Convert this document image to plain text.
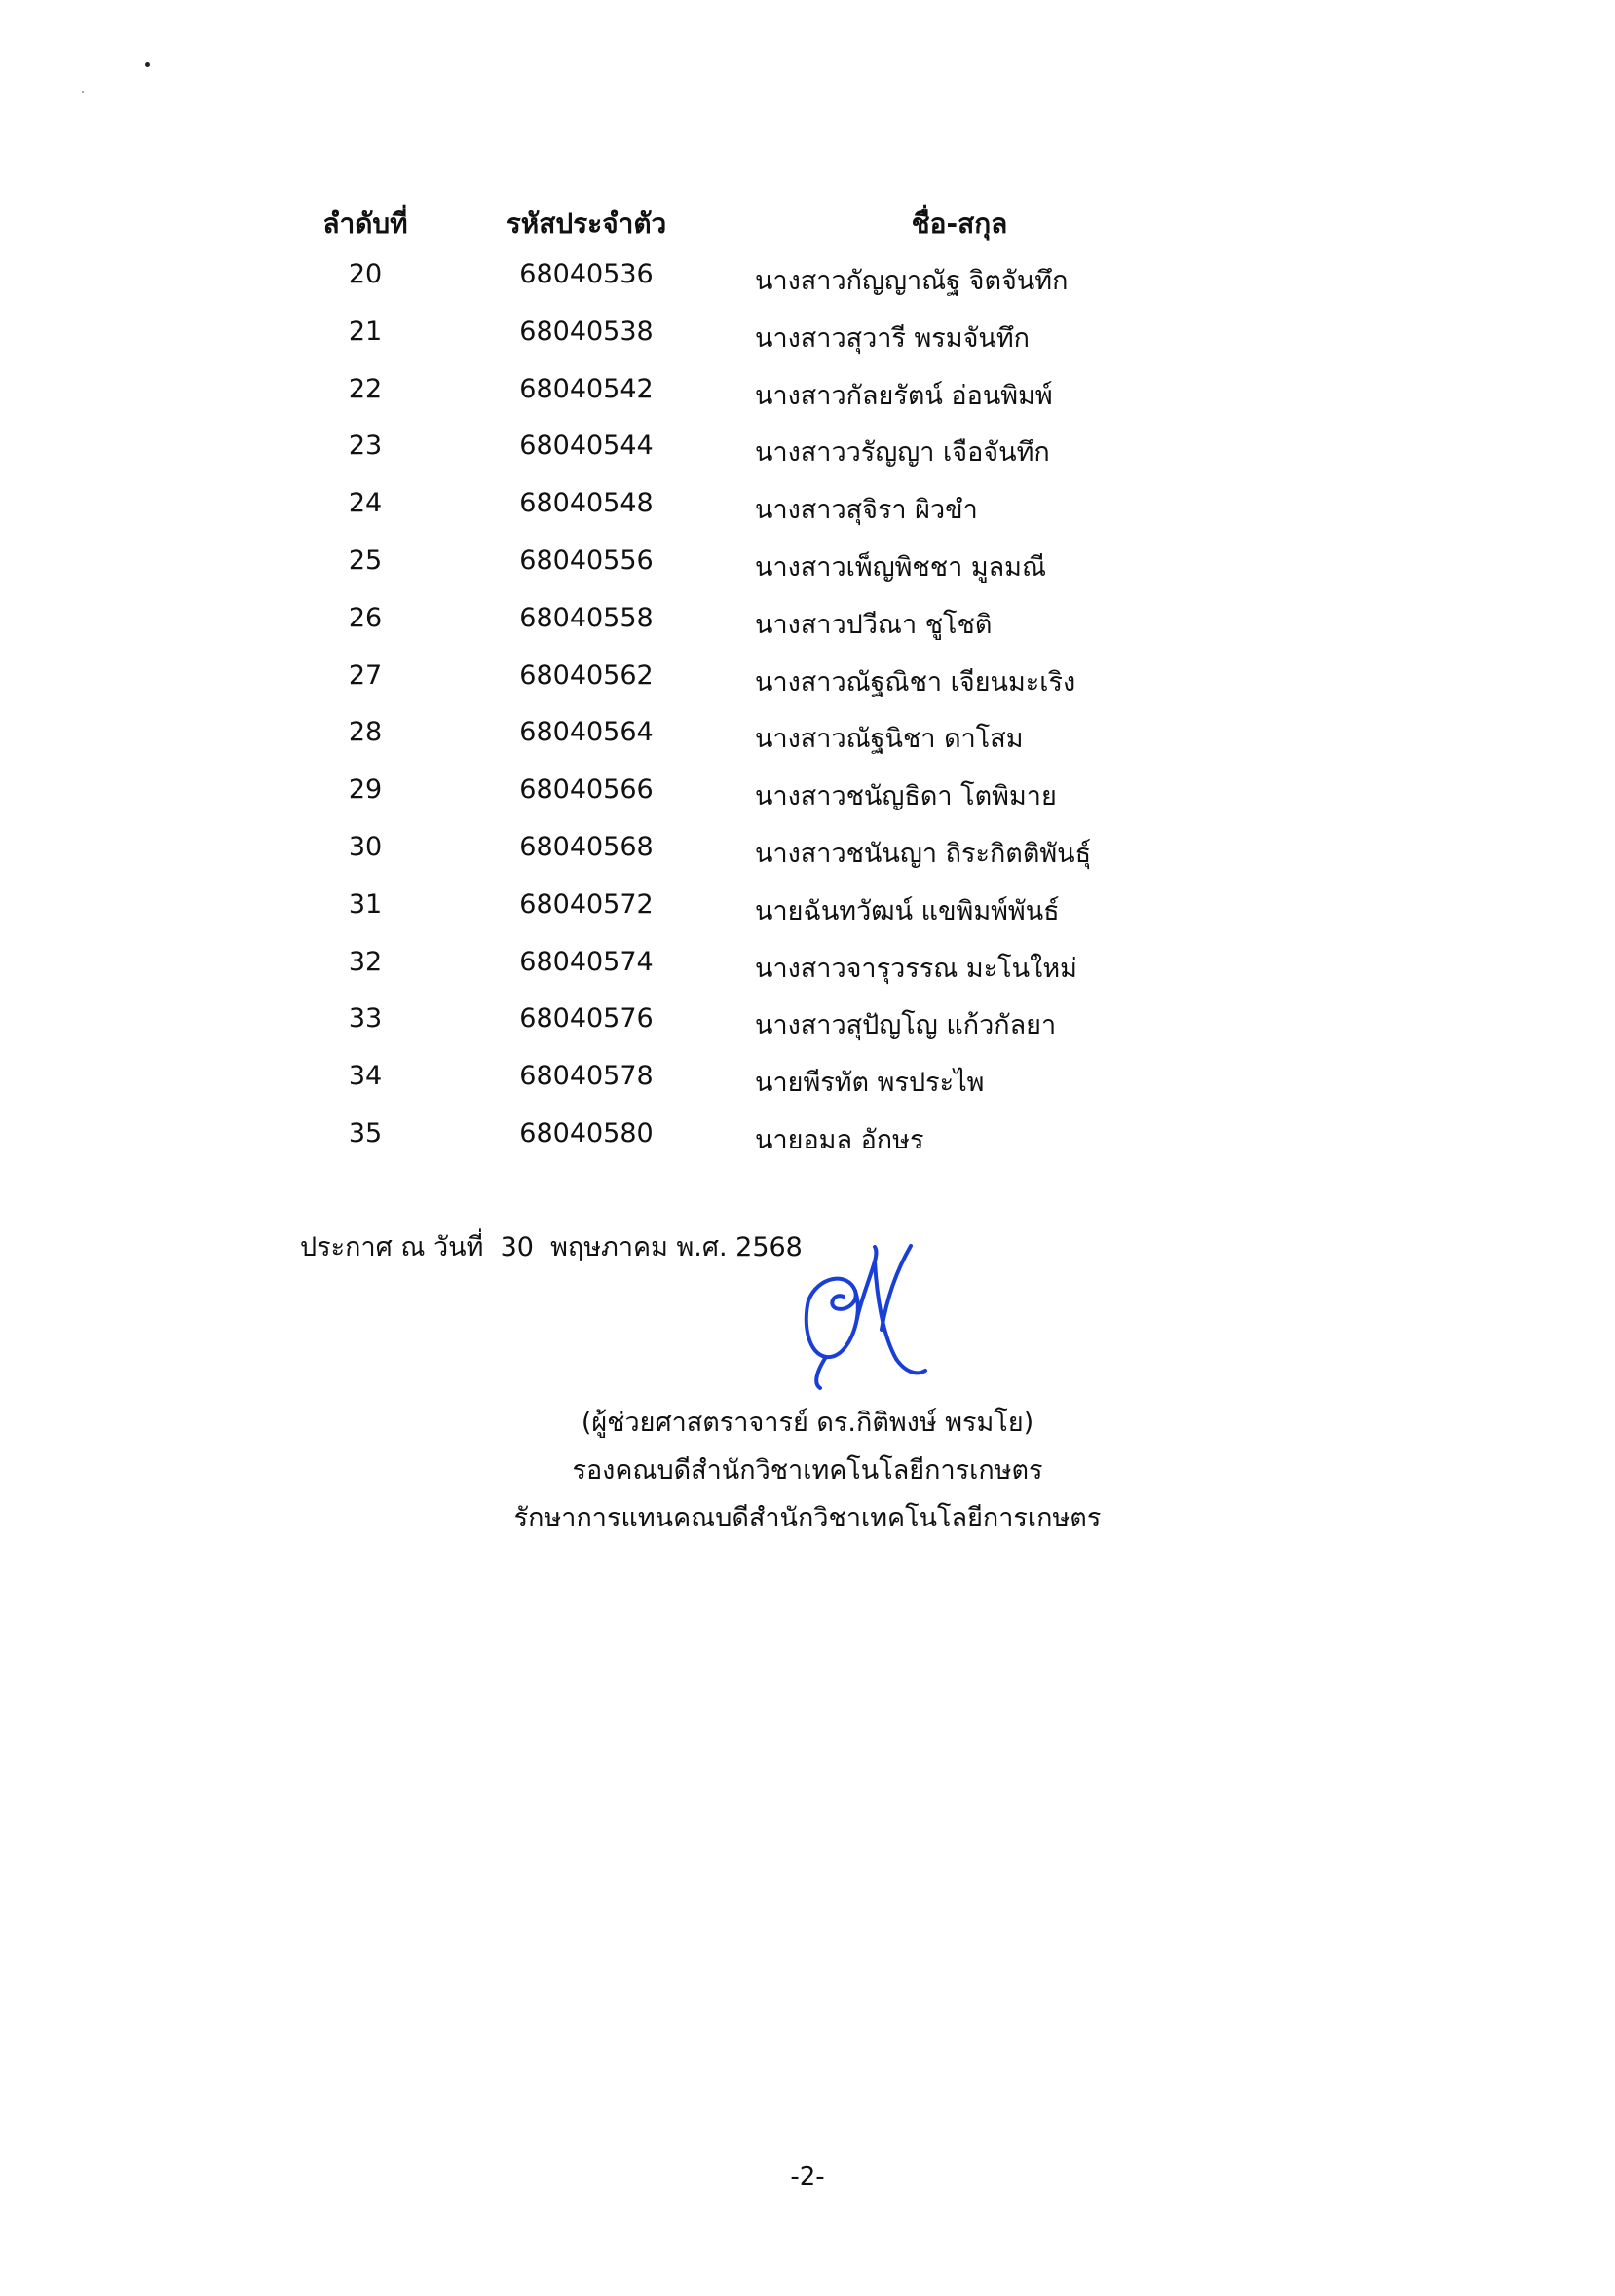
ลำดับที่	รหัสประจำตัว	ชื่อ-สกุล
20	68040536	นางสาวกัญญาณัฐ จิตจันทึก
21	68040538	นางสาวสุวารี พรมจันทึก
22	68040542	นางสาวกัลยรัตน์ อ่อนพิมพ์
23	68040544	นางสาววรัญญา เจือจันทึก
24	68040548	นางสาวสุจิรา ผิวขำ
25	68040556	นางสาวเพ็ญพิชชา มูลมณี
26	68040558	นางสาวปวีณา ชูโชติ
27	68040562	นางสาวณัฐณิชา เจียนมะเริง
28	68040564	นางสาวณัฐนิชา ดาโสม
29	68040566	นางสาวชนัญธิดา โตพิมาย
30	68040568	นางสาวชนันญา ถิระกิตติพันธุ์
31	68040572	นายฉันทวัฒน์ แขพิมพ์พันธ์
32	68040574	นางสาวจารุวรรณ มะโนใหม่
33	68040576	นางสาวสุปัญโญ แก้วกัลยา
34	68040578	นายพีรทัต พรประไพ
35	68040580	นายอมล อักษร
ประกาศ ณ วันที่  30  พฤษภาคม พ.ศ. 2568
(ผู้ช่วยศาสตราจารย์ ดร.กิติพงษ์ พรมโย)
รองคณบดีสำนักวิชาเทคโนโลยีการเกษตร
รักษาการแทนคณบดีสำนักวิชาเทคโนโลยีการเกษตร
-2-
